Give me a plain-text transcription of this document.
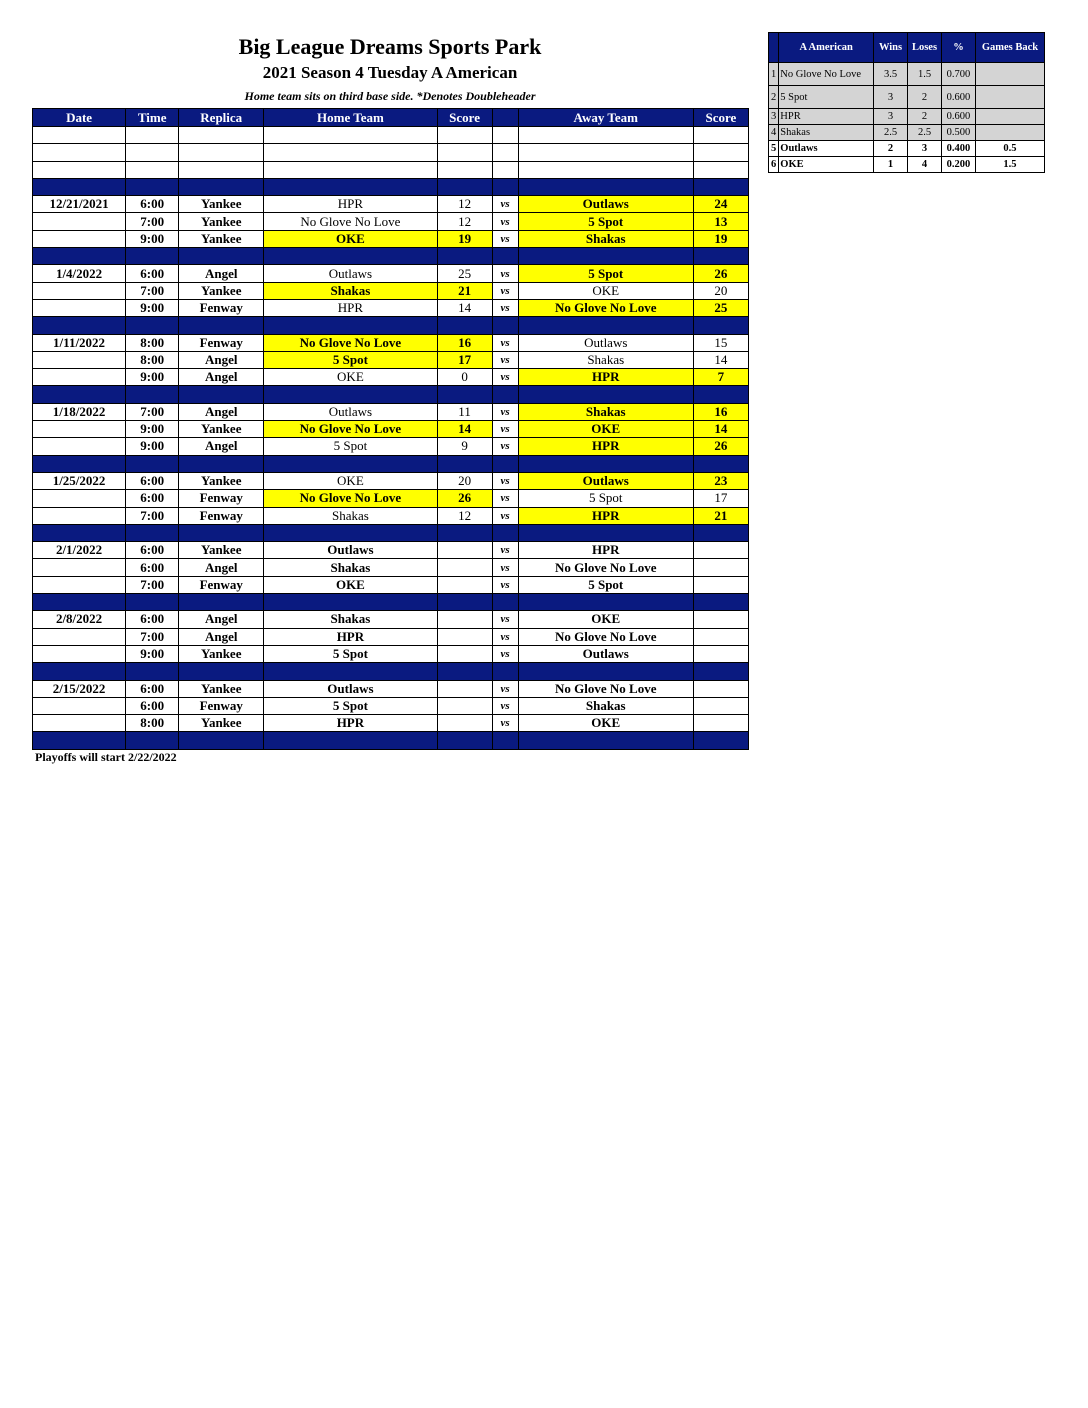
Big League Dreams Sports Park
2021 Season 4 Tuesday A American
Home team sits on third base side. *Denotes Doubleheader
Date	Time	Replica	Home Team	Score		Away Team	Score

12/21/2021	6:00	Yankee	HPR	12	vs	Outlaws	24
	7:00	Yankee	No Glove No Love	12	vs	5 Spot	13
	9:00	Yankee	OKE	19	vs	Shakas	19

1/4/2022	6:00	Angel	Outlaws	25	vs	5 Spot	26
	7:00	Yankee	Shakas	21	vs	OKE	20
	9:00	Fenway	HPR	14	vs	No Glove No Love	25

1/11/2022	8:00	Fenway	No Glove No Love	16	vs	Outlaws	15
	8:00	Angel	5 Spot	17	vs	Shakas	14
	9:00	Angel	OKE	0	vs	HPR	7

1/18/2022	7:00	Angel	Outlaws	11	vs	Shakas	16
	9:00	Yankee	No Glove No Love	14	vs	OKE	14
	9:00	Angel	5 Spot	9	vs	HPR	26

1/25/2022	6:00	Yankee	OKE	20	vs	Outlaws	23
	6:00	Fenway	No Glove No Love	26	vs	5 Spot	17
	7:00	Fenway	Shakas	12	vs	HPR	21

2/1/2022	6:00	Yankee	Outlaws		vs	HPR	
	6:00	Angel	Shakas		vs	No Glove No Love	
	7:00	Fenway	OKE		vs	5 Spot	

2/8/2022	6:00	Angel	Shakas		vs	OKE	
	7:00	Angel	HPR		vs	No Glove No Love	
	9:00	Yankee	5 Spot		vs	Outlaws	

2/15/2022	6:00	Yankee	Outlaws		vs	No Glove No Love	
	6:00	Fenway	5 Spot		vs	Shakas	
	8:00	Yankee	HPR		vs	OKE	

Playoffs will start 2/22/2022
	A American	Wins	Loses	%	Games Back
1	No Glove No Love	3.5	1.5	0.700	
2	5 Spot	3	2	0.600	
3	HPR	3	2	0.600	
4	Shakas	2.5	2.5	0.500	
5	Outlaws	2	3	0.400	0.5
6	OKE	1	4	0.200	1.5
